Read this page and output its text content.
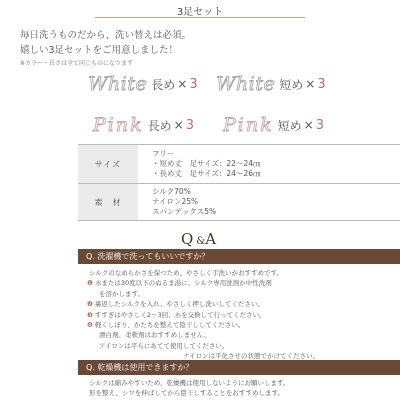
3足セット
毎日洗うものだから、洗い替えは必須。
嬉しい3足セットをご用意しました！
※カラー・長さは全て同じものになります
White 長め × 3 White 短め × 3
Pink 長め × 3 Pink 短め × 3
サイズ
フリー
・短め丈　足サイズ：22〜24㎝
・長め丈　足サイズ：24〜26㎝
素　材
シルク70%
ナイロン25%
スパンデックス5%
Q&A
Q. 洗濯機で洗ってもいいですか？
シルクのなめらかさを保つため、やさしく手洗いがおすすめです。
❶ 水または30度以下のぬるま湯に、シルク専用洗剤か中性洗剤
を溶かします。
❷ 裏返したシルクを入れ、やさしく押し洗いしてください。
❸ すすぎはやさしく2〜3回、水を交換して行ってください。
❹ 軽くしぼり、かたちを整えて陰干ししてください。
漂白剤、柔軟剤はおすすめしません。
アイロンは平らにあてて使用してください。
ナイロンは平化させの状態でかけてください。
Q. 乾燥機は使用できますか？
シルクは縮みやすいため、乾燥機は使用しないようにお願いします。
形を整え、シワを伸ばしてから陰干しすることをおすすめします。
